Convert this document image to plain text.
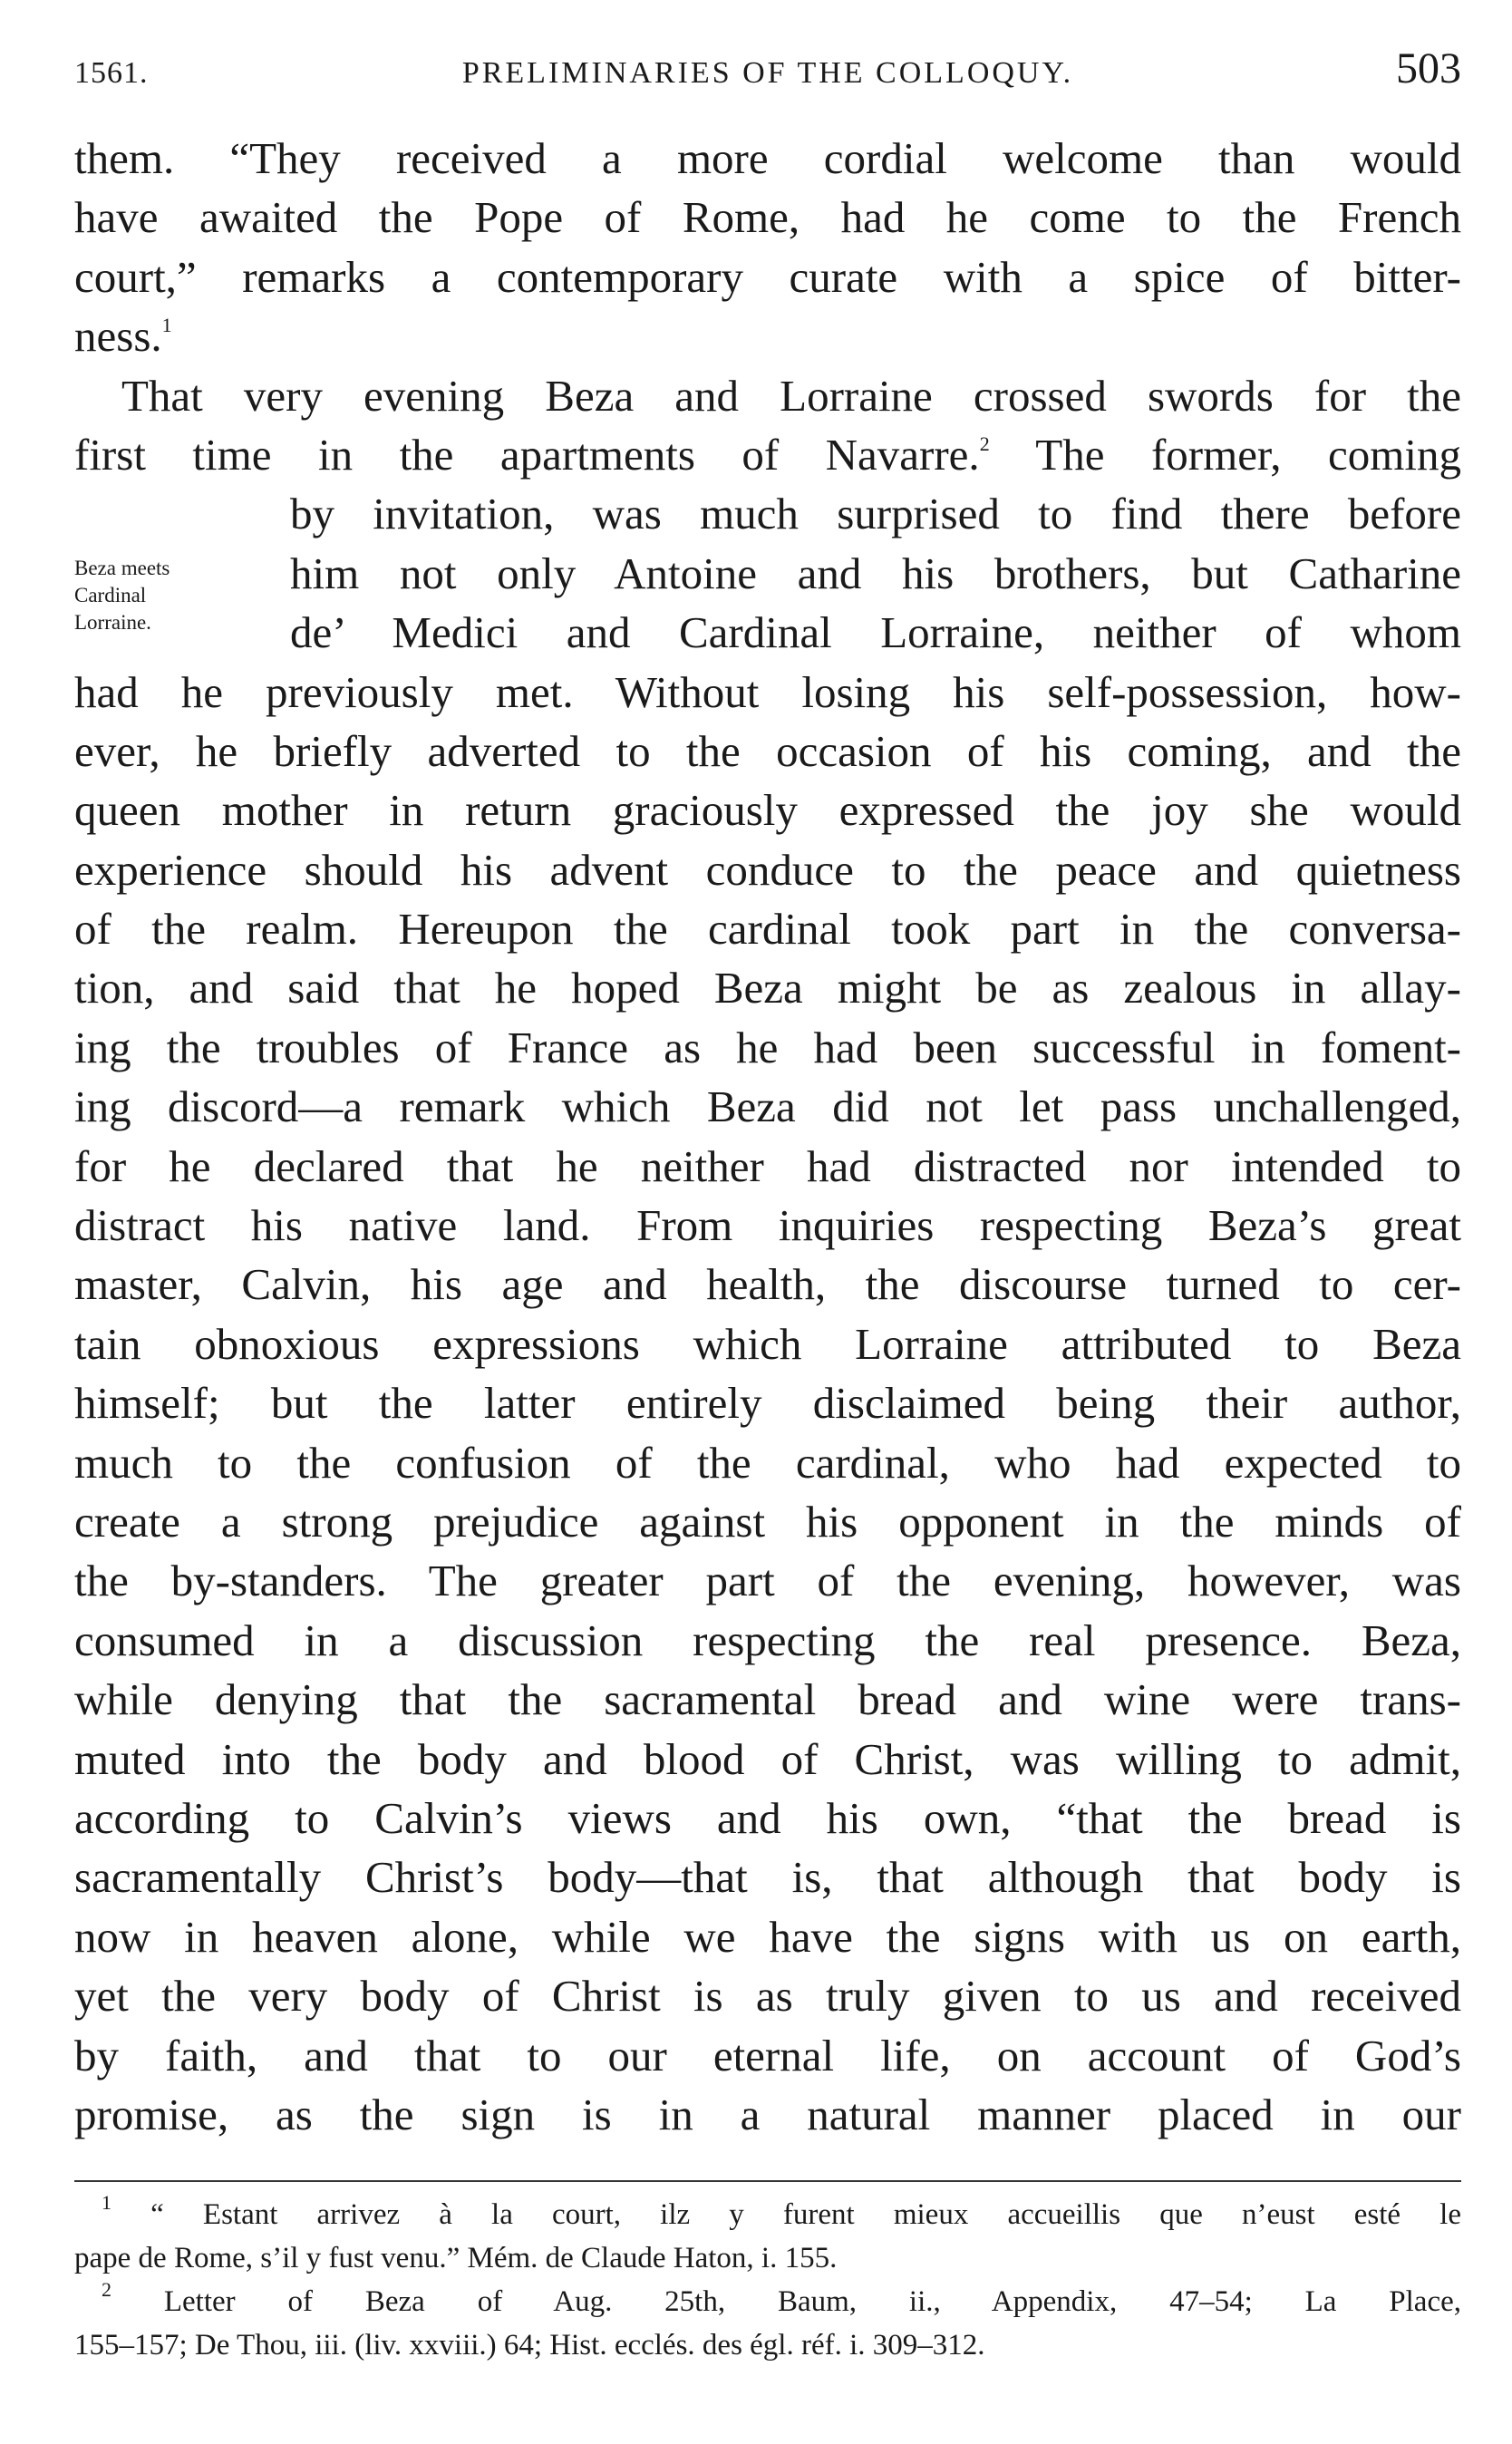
1561.	PRELIMINARIES OF THE COLLOQUY.	503
Beza meets
Cardinal
Lorraine.
them. “They received a more cordial welcome than would
have awaited the Pope of Rome, had he come to the French
court,” remarks a contemporary curate with a spice of bitter-
ness.$^1$
That very evening Beza and Lorraine crossed swords for the
first time in the apartments of Navarre.$^2$ The former, coming
by invitation, was much surprised to find there before
him not only Antoine and his brothers, but Catharine
de’ Medici and Cardinal Lorraine, neither of whom
had he previously met. Without losing his self-possession, how-
ever, he briefly adverted to the occasion of his coming, and the
queen mother in return graciously expressed the joy she would
experience should his advent conduce to the peace and quietness
of the realm. Hereupon the cardinal took part in the conversa-
tion, and said that he hoped Beza might be as zealous in allay-
ing the troubles of France as he had been successful in foment-
ing discord—a remark which Beza did not let pass unchallenged,
for he declared that he neither had distracted nor intended to
distract his native land. From inquiries respecting Beza’s great
master, Calvin, his age and health, the discourse turned to cer-
tain obnoxious expressions which Lorraine attributed to Beza
himself; but the latter entirely disclaimed being their author,
much to the confusion of the cardinal, who had expected to
create a strong prejudice against his opponent in the minds of
the by-standers. The greater part of the evening, however, was
consumed in a discussion respecting the real presence. Beza,
while denying that the sacramental bread and wine were trans-
muted into the body and blood of Christ, was willing to admit,
according to Calvin’s views and his own, “that the bread is
sacramentally Christ’s body—that is, that although that body is
now in heaven alone, while we have the signs with us on earth,
yet the very body of Christ is as truly given to us and received
by faith, and that to our eternal life, on account of God’s
promise, as the sign is in a natural manner placed in our
$^1$ “ Estant arrivez à la court, ilz y furent mieux accueillis que n’eust esté le
pape de Rome, s’il y fust venu.” Mém. de Claude Haton, i. 155.
$^2$ Letter of Beza of Aug. 25th, Baum, ii., Appendix, 47–54; La Place,
155–157; De Thou, iii. (liv. xxviii.) 64; Hist. ecclés. des égl. réf. i. 309–312.
